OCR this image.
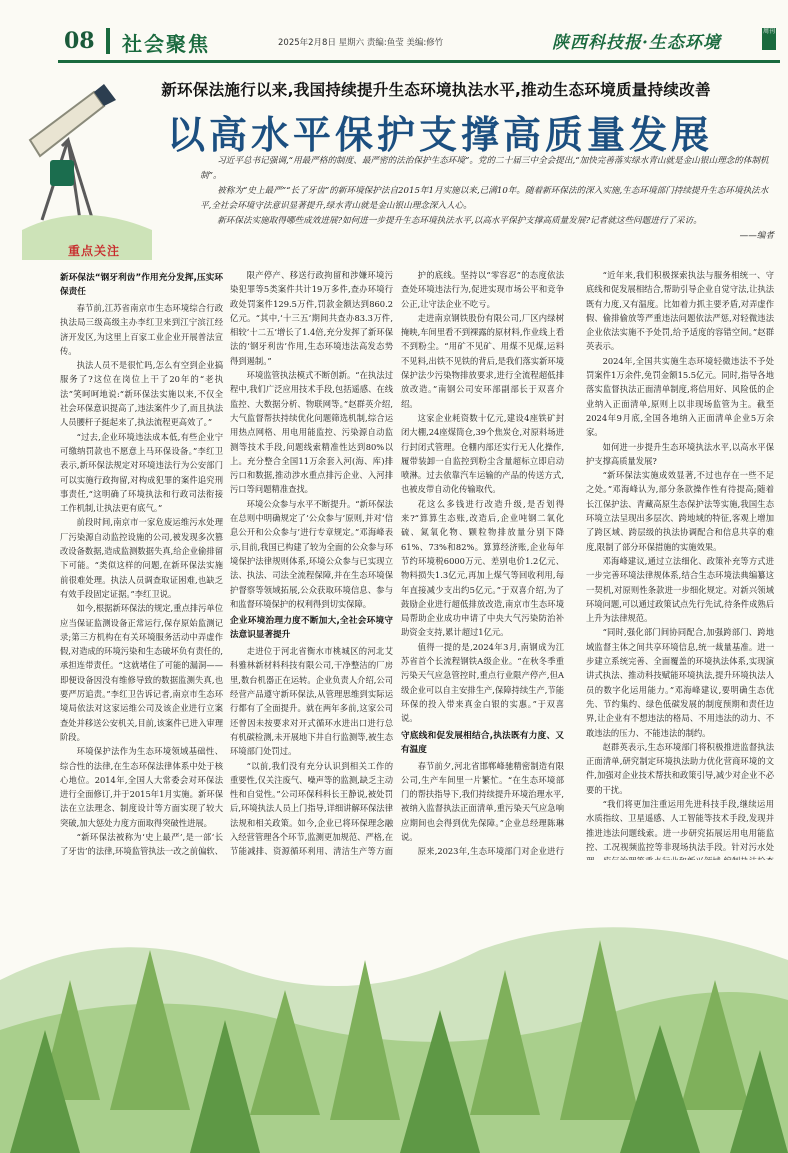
08 社会聚焦	2025年2月8日 星期六 责编:鱼莹 美编:修竹	陕西科技报·生态环境
周刊
新环保法施行以来,我国持续提升生态环境执法水平,推动生态环境质量持续改善
以高水平保护支撑高质量发展

习近平总书记强调,“用最严格的制度、最严密的法治保护生态环境”。党的二十届三中全会提出,“加快完善落实绿水青山就是金山银山理念的体制机制”。

被称为“史上最严”“长了牙齿”的新环境保护法自2015年1月实施以来,已满10年。随着新环保法的深入实施,生态环境部门持续提升生态环境执法水平,全社会环境守法意识显著提升,绿水青山就是金山银山理念深入人心。

新环保法实施取得哪些成效进展?如何进一步提升生态环境执法水平,以高水平保护支撑高质量发展?记者就这些问题进行了采访。

——编者

重点关注
新环保法“钢牙利齿”作用充分发挥,压实环保责任

春节前,江苏省南京市生态环境综合行政执法局三级高级主办李红卫来到江宁滨江经济开发区,为这里上百家工业企业开展普法宣传。

执法人员不是很忙吗,怎么有空到企业搞服务了?这位在岗位上干了20年的“老执法”笑呵呵地说:“新环保法实施以来,不仅全社会环保意识提高了,违法案件少了,而且执法人员腰杆子挺起来了,执法流程更高效了。”

“过去,企业环境违法成本低,有些企业宁可缴纳罚款也不愿意上马环保设备。”李红卫表示,新环保法规定对环境违法行为公安部门可以实施行政拘留,对构成犯罪的案件追究刑事责任,“这明确了环境执法和行政司法衔接工作机制,让执法更有底气。”

前段时间,南京市一家危废运维污水处理厂污染源自动监控设施的公司,被发现多次篡改设备数据,造成监测数据失真,给企业偷排留下可能。“类似这样的问题,在新环保法实施前很难处理。执法人员调查取证困难,也缺乏有效手段固定证据。”李红卫说。

如今,根据新环保法的规定,重点排污单位应当保证监测设备正常运行,保存原始监测记录;第三方机构在有关环境服务活动中弄虚作假,对造成的环境污染和生态破坏负有责任的,承担连带责任。“这就堵住了可能的漏洞——即便设备因没有维修导致的数据监测失真,也要严厉追责。”李红卫告诉记者,南京市生态环境局依法对这家运维公司及该企业进行立案查处并移送公安机关,目前,该案件已进入审理阶段。

环境保护法作为生态环境领域基础性、综合性的法律,在生态环保法律体系中处于核心地位。2014年,全国人大常委会对环保法进行全面修订,并于2015年1月实施。新环保法在立法理念、制度设计等方面实现了较大突破,加大惩处力度方面取得突破性进展。

“新环保法被称为‘史上最严’,是一部‘长了牙齿’的法律,环境监管执法一改之前偏软、

限产停产、移送行政拘留和涉嫌环境污染犯罪等5类案件共计19万多件,查办环境行政处罚案件129.5万件,罚款金额达到860.2亿元。“其中,‘十三五’期间共查办83.3万件,相较‘十二五’增长了1.4倍,充分发挥了新环保法的‘钢牙利齿’作用,生态环境违法高发态势得到遏制。”

环境监管执法模式不断创新。“在执法过程中,我们广泛应用技术手段,包括遥感、在线监控、大数据分析、物联网等。”赵群英介绍,大气监督帮扶持续优化问题筛选机制,综合运用热点网格、用电用能监控、污染源自动监测等技术手段,问题线索精准性达到80%以上。充分整合全国11万余套入河(海、库)排污口和数据,推动涉水重点排污企业、入河排污口等问题精准查找。

环境公众参与水平不断提升。“新环保法在总则中明确规定了‘公众参与’原则,并对‘信息公开和公众参与’进行专章规定。”邓海峰表示,目前,我国已构建了较为全面的公众参与环境保护法律规则体系,环境公众参与已实现立法、执法、司法全流程保障,并在生态环境保护督察等领域拓展,公众获取环境信息、参与和监督环境保护的权利得到切实保障。

企业环境治理力度不断加大,全社会环境守法意识显著提升

走进位于河北省衡水市桃城区的河北艾科雅林新材料科技有限公司,干净整洁的厂房里,数台机器正在运转。企业负责人介绍,公司经营产品遵守新环保法,从管理思维到实际运行都有了全面提升。就在两年多前,这家公司还曾因未按要求对开式循环水进出口进行总有机碳检测,未开展地下井自行监测等,被生态环境部门处罚过。

“以前,我们没有充分认识到相关工作的重要性,仅关注废气、噪声等的监测,缺乏主动性和自觉性。”公司环保科科长王静说,被处罚后,环境执法人员上门指导,详细讲解环保法律法规和相关政策。如今,企业已将环保理念融入经营管理各个环节,监测更加规范、严格,在节能减排、资源循环利用、清洁生产等方面

护的底线。坚持以“零容忍”的态度依法查处环境违法行为,促进实现市场公平和竞争公正,让守法企业不吃亏。

走进南京钢铁股份有限公司,厂区内绿树掩映,车间里看不到裸露的原材料,作业线上看不到粉尘。“用矿不见矿、用煤不见煤,运料不见料,出铁不见铁的背后,是我们落实新环境保护法少污染物排放要求,进行全流程超低排放改造。”南钢公司安环部副部长于双喜介绍。

这家企业耗资数十亿元,建设4座铁矿封闭大棚,24座煤筒仓,39个焦炭仓,对原料场进行封闭式管理。仓棚内部还实行无人化操作,履带装卸一自监控到粉尘含量超标立即启动喷淋。过去依靠汽车运输的产品的传送方式,也被皮带自动化传输取代。

花这么多钱进行改造升级,是否划得来?“算算生态账,改造后,企业吨钢二氧化硫、氮氧化物、颗粒物排放量分别下降61%、73%和82%。算算经济账,企业每年节约环境税6000万元、差别电价1.2亿元、物料损失1.3亿元,再加上煤气等回收利用,每年直接减少支出约5亿元。”于双喜介绍,为了鼓励企业进行超低排放改造,南京市生态环境局帮助企业成功申请了中央大气污染防治补助资金支持,累计超过1亿元。

值得一提的是,2024年3月,南钢成为江苏省首个长流程钢铁A级企业。“在秋冬季重污染天气应急管控时,重点行业限产停产,但A级企业可以自主安排生产,保障持续生产,节能环保的投入带来真金白银的实惠。”于双喜说。

守底线和促发展相结合,执法既有力度、又有温度

春节前夕,河北省邯郸峰驰精密制造有限公司,生产车间里一片繁忙。“在生态环境部门的帮扶指导下,我们持续提升环境治理水平,被纳入监督执法正面清单,重污染天气应急响应期间也会得到优先保障。”企业总经理陈琳说。

原来,2023年,生态环境部门对企业进行

“近年来,我们积极探索执法与服务相统一、守底线和促发展相结合,帮助引导企业自觉守法,让执法既有力度,又有温度。比如着力抓主要矛盾,对弄虚作假、偷排偷放等严重违法问题依法严惩,对轻微违法企业依法实施不予处罚,给予适度的容错空间。”赵群英表示。

2024年,全国共实施生态环境轻微违法不予处罚案件1万余件,免罚金额15.5亿元。同时,指导各地落实监督执法正面清单制度,将信用好、风险低的企业纳入正面清单,原则上以非现场监管为主。截至2024年9月底,全国各地纳入正面清单企业5万余家。

如何进一步提升生态环境执法水平,以高水平保护支撑高质量发展?

“新环保法实施成效显著,不过也存在一些不足之处。”邓海峰认为,部分条款操作性有待提高;随着长江保护法、青藏高原生态保护法等实施,我国生态环境立法呈现出多层次、跨地域的特征,客观上增加了跨区域、跨层级的执法协调配合和信息共享的难度,限制了部分环保措施的实施效果。

邓海峰建议,通过立法细化、政策补充等方式进一步完善环境法律规体系,结合生态环境法典编纂这一契机,对原则性条款进一步细化规定。对新兴领域环境问题,可以通过政策试点先行先试,待条件成熟后上升为法律规范。

“同时,强化部门间协同配合,加强跨部门、跨地域监督主体之间共享环境信息,统一裁量基准。进一步建立系统完善、全面覆盖的环境执法体系,实现演讲式执法、推动科技赋能环境执法,提升环境执法人员的数字化运用能力。”邓海峰建议,要明确生态优先、节约集约、绿色低碳发展的制度预期和责任边界,让企业有不想违法的格局、不用违法的动力、不敢违法的压力、不能违法的制约。

赵群英表示,生态环境部门将积极推进监督执法正面清单,研究制定环境执法助力优化营商环境的文件,加强对企业技术帮扶和政策引导,减少对企业不必要的干扰。

“我们将更加注重运用先进科技手段,继续运用水质指纹、卫星遥感、人工智能等技术手段,发现并推进违法问题线索。进一步研究拓展运用电用能监控、工况视频监控等非现场执法手段。针对污水处
